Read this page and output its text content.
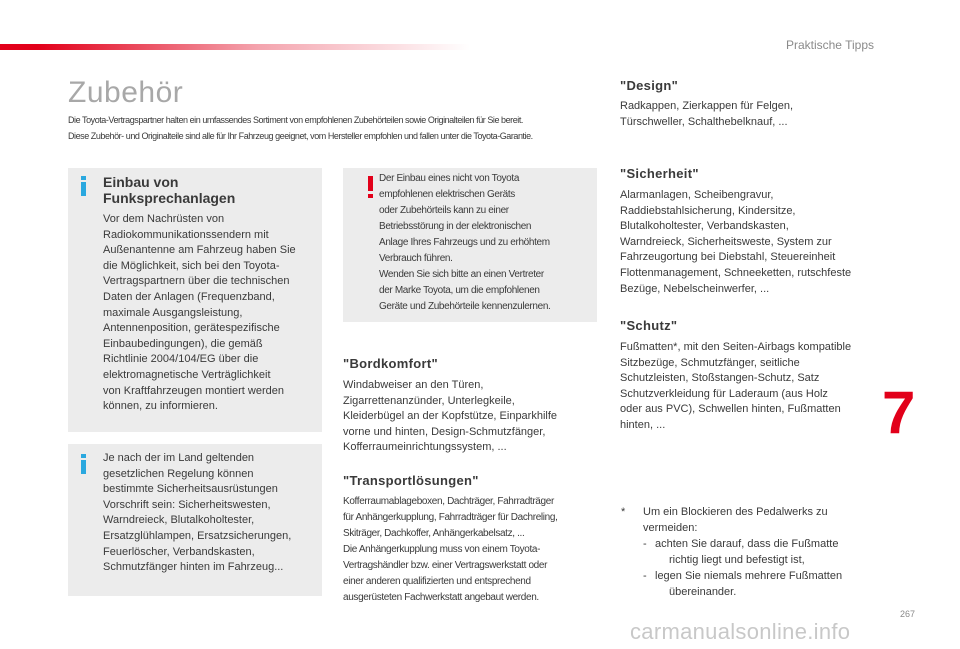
Praktische Tipps
Zubehör
Die Toyota-Vertragspartner halten ein umfassendes Sortiment von empfohlenen Zubehörteilen sowie Originalteilen für Sie bereit.
Diese Zubehör- und Originalteile sind alle für Ihr Fahrzeug geeignet, vom Hersteller empfohlen und fallen unter die Toyota-Garantie.
Einbau von
Funksprechanlagen
Vor dem Nachrüsten von
Radiokommunikationssendern mit
Außenantenne am Fahrzeug haben Sie
die Möglichkeit, sich bei den Toyota-
Vertragspartnern über die technischen
Daten der Anlagen (Frequenzband,
maximale Ausgangsleistung,
Antennenposition, gerätespezifische
Einbaubedingungen), die gemäß
Richtlinie 2004/104/EG über die
elektromagnetische Verträglichkeit
von Kraftfahrzeugen montiert werden
können, zu informieren.
Je nach der im Land geltenden
gesetzlichen Regelung können
bestimmte Sicherheitsausrüstungen
Vorschrift sein: Sicherheitswesten,
Warndreieck, Blutalkoholtester,
Ersatzglühlampen, Ersatzsicherungen,
Feuerlöscher, Verbandskasten,
Schmutzfänger hinten im Fahrzeug...
Der Einbau eines nicht von Toyota
empfohlenen elektrischen Geräts
oder Zubehörteils kann zu einer
Betriebsstörung in der elektronischen
Anlage Ihres Fahrzeugs und zu erhöhtem
Verbrauch führen.
Wenden Sie sich bitte an einen Vertreter
der Marke Toyota, um die empfohlenen
Geräte und Zubehörteile kennenzulernen.
"Bordkomfort"
Windabweiser an den Türen,
Zigarrettenanzünder, Unterlegkeile,
Kleiderbügel an der Kopfstütze, Einparkhilfe
vorne und hinten, Design-Schmutzfänger,
Kofferraumeinrichtungssystem, ...
"Transportlösungen"
Kofferraumablageboxen, Dachträger, Fahrradträger
für Anhängerkupplung, Fahrradträger für Dachreling,
Skiträger, Dachkoffer, Anhängerkabelsatz, ...
Die Anhängerkupplung muss von einem Toyota-
Vertragshändler bzw. einer Vertragswerkstatt oder
einer anderen qualifizierten und entsprechend
ausgerüsteten Fachwerkstatt angebaut werden.
"Design"
Radkappen, Zierkappen für Felgen,
Türschweller, Schalthebelknauf, ...
"Sicherheit"
Alarmanlagen, Scheibengravur,
Raddiebstahlsicherung, Kindersitze,
Blutalkoholtester, Verbandskasten,
Warndreieck, Sicherheitsweste, System zur
Fahrzeugortung bei Diebstahl, Steuereinheit
Flottenmanagement, Schneeketten, rutschfeste
Bezüge, Nebelscheinwerfer, ...
"Schutz"
Fußmatten*, mit den Seiten-Airbags kompatible
Sitzbezüge, Schmutzfänger, seitliche
Schutzleisten, Stoßstangen-Schutz, Satz
Schutzverkleidung für Laderaum (aus Holz
oder aus PVC), Schwellen hinten, Fußmatten
hinten, ...
* Um ein Blockieren des Pedalwerks zu
vermeiden:
- achten Sie darauf, dass die Fußmatte
richtig liegt und befestigt ist,
- legen Sie niemals mehrere Fußmatten
übereinander.
7
267
carmanualsonline.info
